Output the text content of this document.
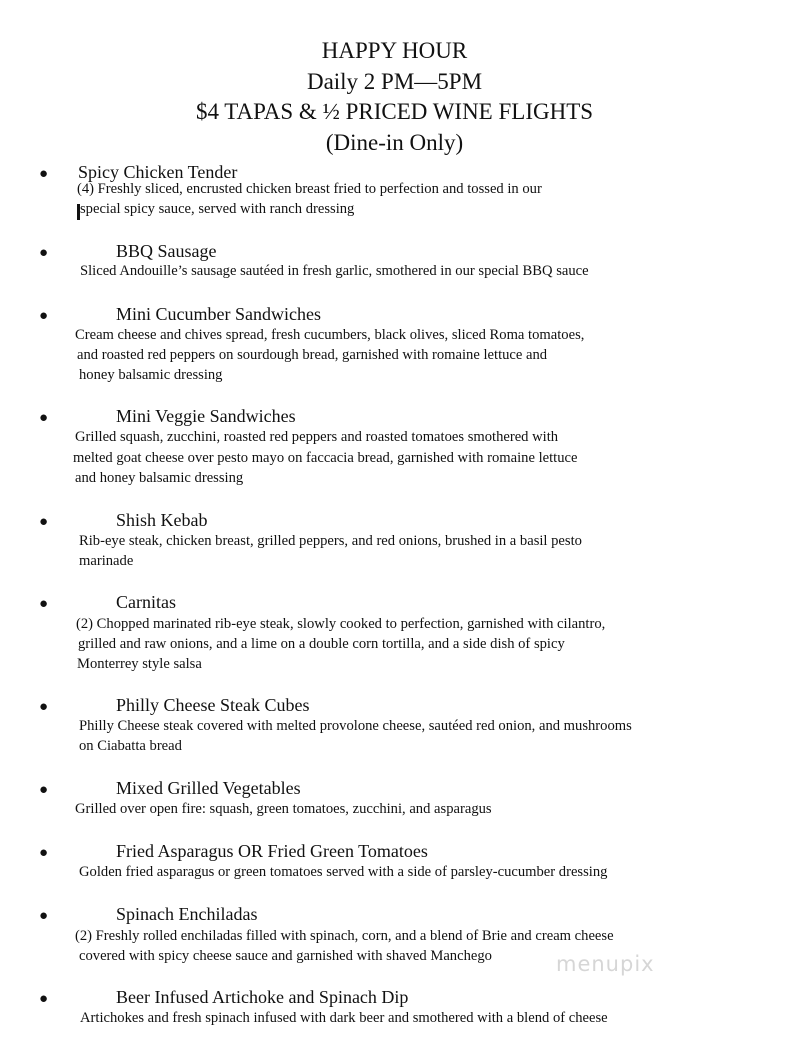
HAPPY HOUR
Daily 2 PM—5PM
$4 TAPAS & ½ PRICED WINE FLIGHTS
(Dine-in Only)
● Spicy Chicken Tender
(4) Freshly sliced, encrusted chicken breast fried to perfection and tossed in our
special spicy sauce, served with ranch dressing
●	BBQ Sausage
Sliced Andouille’s sausage sautéed in fresh garlic, smothered in our special BBQ sauce
●	Mini Cucumber Sandwiches
Cream cheese and chives spread, fresh cucumbers, black olives, sliced Roma tomatoes,
and roasted red peppers on sourdough bread, garnished with romaine lettuce and
honey balsamic dressing
●	Mini Veggie Sandwiches
Grilled squash, zucchini, roasted red peppers and roasted tomatoes smothered with
melted goat cheese over pesto mayo on faccacia bread, garnished with romaine lettuce
and honey balsamic dressing
●	Shish Kebab
Rib-eye steak, chicken breast, grilled peppers, and red onions, brushed in a basil pesto
marinade
●	Carnitas
(2) Chopped marinated rib-eye steak, slowly cooked to perfection, garnished with cilantro,
grilled and raw onions, and a lime on a double corn tortilla, and a side dish of spicy
Monterrey style salsa
●	Philly Cheese Steak Cubes
Philly Cheese steak covered with melted provolone cheese, sautéed red onion, and mushrooms
on Ciabatta bread
●	Mixed Grilled Vegetables
Grilled over open fire: squash, green tomatoes, zucchini, and asparagus
●	Fried Asparagus OR Fried Green Tomatoes
Golden fried asparagus or green tomatoes served with a side of parsley-cucumber dressing
●	Spinach Enchiladas
(2) Freshly rolled enchiladas filled with spinach, corn, and a blend of Brie and cream cheese
covered with spicy cheese sauce and garnished with shaved Manchego
●	Beer Infused Artichoke and Spinach Dip
Artichokes and fresh spinach infused with dark beer and smothered with a blend of cheese
menupix
